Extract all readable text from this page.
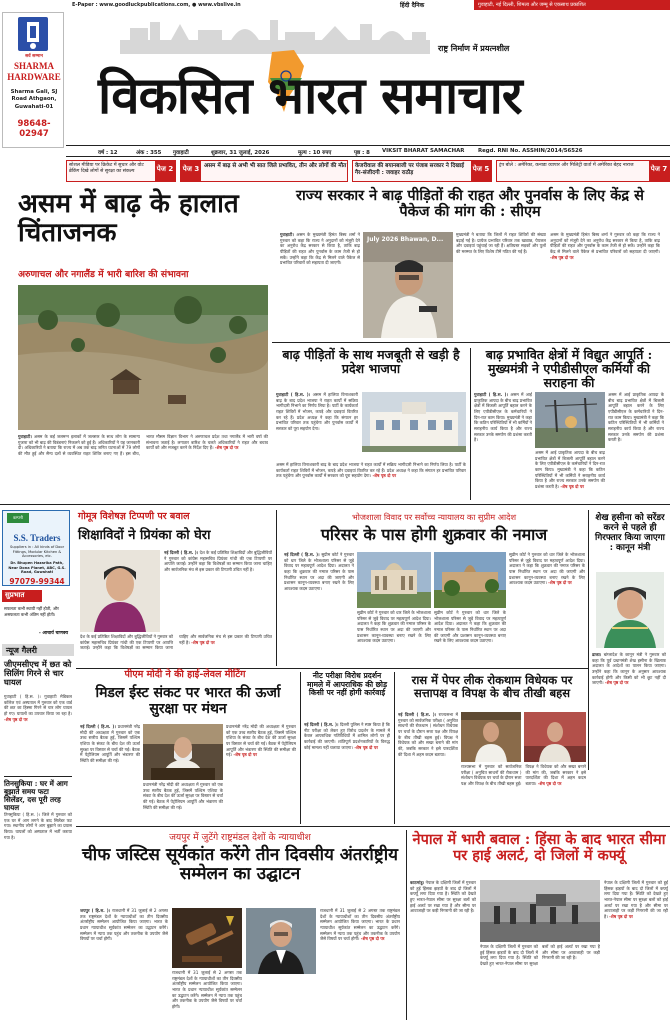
E-Paper : www.goodluckpublications.com, ● www.vbslive.in	हिंदी दैनिक	गुवाहाटी, नई दिल्ली, शिमला और जम्मू से एकसाथ प्रकाशित
सर्व सम्मान
SHARMA
HARDWARE
Sharma Gali, SJ Road Athgaon, Guwahati-01
98648-02947
राष्ट्र निर्माण में प्रयत्नशील
विकसित भारत समाचार
वर्ष : 12	अंक : 355 गुवाहाटी	शुक्रवार, 31 जुलाई, 2026	मूल्य : 10 रुपए	पृष्ठ : 8 VIKSIT BHARAT SAMACHAR	Regd. RNI No. ASSHIN/2014/56526
सोशल मीडिया पर क्रिकेट में सुधार और वोट ब्रेकिंग दिखे लोगों से सुरक्षा का संकल्प	पेज 2 पेज 3 असम में बाढ़ से अभी भी सात जिले प्रभावित, तीन और लोगों की मौत केजरीवाल की बयानबाजी पर पंजाब सरकार ने दिखाई गैर-संजीदगी : जवाहर राठौड़
पेज 5	ट्रंप बोले : अमेरिका, कनाडा व्यापार और मिलिट्री वार्ता में अमेरिका बेहद नाराज	पेज 7
असम में बाढ़ के हालात चिंताजनक
अरुणाचल और नगालैंड में भारी बारिश की संभावना
गुवाहाटी। असम के कई जलमग्न इलाकों में जलस्तर के साथ लोग के सामान्य गुजारा को भी बाढ़ की विडंबनाएं निकलने को हुई हैं। अधिकारियों ने यह जानकारी दी। अधिकारियों ने बताया कि राज्य में अब तक बाढ़ जनित घटनाओं में 79 लोगों की मौत हुई और सैन्य दलों से व्यवस्थित राहत शिविर बनाए गए हैं। इस बीच, भारत मौसम विज्ञान विभाग ने अरुणाचल प्रदेश तथा नगालैंड में भारी वर्षा की संभावना जताई है। लगातार बारिश के चलते अधिकारियों ने राहत और बचाव कार्यों को और मजबूत करने के निर्देश दिए हैं। -शेष पृष्ठ दो पर
राज्य सरकार ने बाढ़ पीड़ितों की राहत और पुनर्वास के लिए केंद्र से पैकेज की मांग की : सीएम
गुवाहाटी। असम के मुख्यमंत्री हिमंत बिस्व शर्मा ने गुरुवार को कहा कि राज्य ने अनुदानों को मंजूरी देने का अनुरोध केंद्र सरकार से किया है, ताकि बाढ़ पीड़ितों की राहत और पुनर्वास के काम तेजी से हो सकें। उन्होंने कहा कि केंद्र से मिलने वाले पैकेज से प्रभावित परिवारों को सहायता दी जाएगी।
July 2026 Bhawan, D...
मुख्यमंत्री ने बताया कि जिलों में राहत शिविरों की संख्या बढ़ाई गई है। प्रत्येक प्रभावित परिवार तक खाद्यान्न, पेयजल और दवाइयां पहुंचाई जा रही हैं। क्षतिग्रस्त सड़कों और पुलों की मरम्मत के लिए विशेष टीमें गठित की गई हैं।
असम के मुख्यमंत्री हिमंत बिस्व शर्मा ने गुरुवार को कहा कि राज्य ने अनुदानों को मंजूरी देने का अनुरोध केंद्र सरकार से किया है, ताकि बाढ़ पीड़ितों की राहत और पुनर्वास के काम तेजी से हो सकें। उन्होंने कहा कि केंद्र से मिलने वाले पैकेज से प्रभावित परिवारों को सहायता दी जाएगी। -शेष पृष्ठ दो पर
बाढ़ पीड़ितों के साथ मजबूती से खड़ी है प्रदेश भाजपा
गुवाहाटी ( हि.स. )। असम में हालिया विनाशकारी बाढ़ के बाद प्रदेश भाजपा ने राहत कार्यों में सक्रिय भागीदारी निभाने का निर्णय लिया है। पार्टी के कार्यकर्ता राहत शिविरों में भोजन, कपड़े और दवाइयां वितरित कर रहे हैं। प्रदेश अध्यक्ष ने कहा कि संगठन हर प्रभावित परिवार तक पहुंचेगा और पुनर्वास कार्यों में सरकार को पूरा सहयोग देगा।
असम में हालिया विनाशकारी बाढ़ के बाद प्रदेश भाजपा ने राहत कार्यों में सक्रिय भागीदारी निभाने का निर्णय लिया है। पार्टी के कार्यकर्ता राहत शिविरों में भोजन, कपड़े और दवाइयां वितरित कर रहे हैं। प्रदेश अध्यक्ष ने कहा कि संगठन हर प्रभावित परिवार तक पहुंचेगा और पुनर्वास कार्यों में सरकार को पूरा सहयोग देगा। -शेष पृष्ठ दो पर
बाढ़ प्रभावित क्षेत्रों में विद्युत आपूर्ति : मुख्यमंत्री ने एपीडीसीएल कर्मियों की सराहना की
गुवाहाटी ( हि.स. )। असम में आई प्राकृतिक आपदा के बीच बाढ़ प्रभावित क्षेत्रों में बिजली आपूर्ति बहाल करने के लिए एपीडीसीएल के कर्मचारियों ने दिन-रात काम किया। मुख्यमंत्री ने कहा कि कठिन परिस्थितियों में भी कर्मियों ने सराहनीय कार्य किया है और राज्य सरकार उनके समर्पण की प्रशंसा करती है।
असम में आई प्राकृतिक आपदा के बीच बाढ़ प्रभावित क्षेत्रों में बिजली आपूर्ति बहाल करने के लिए एपीडीसीएल के कर्मचारियों ने दिन-रात काम किया। मुख्यमंत्री ने कहा कि कठिन परिस्थितियों में भी कर्मियों ने सराहनीय कार्य किया है और राज्य सरकार उनके समर्पण की प्रशंसा करती है।
असम में आई प्राकृतिक आपदा के बीच बाढ़ प्रभावित क्षेत्रों में बिजली आपूर्ति बहाल करने के लिए एपीडीसीएल के कर्मचारियों ने दिन-रात काम किया। मुख्यमंत्री ने कहा कि कठिन परिस्थितियों में भी कर्मियों ने सराहनीय कार्य किया है और राज्य सरकार उनके समर्पण की प्रशंसा करती है। -शेष पृष्ठ दो पर
कम्पनी
S.S. Traders
Suppliers in : All kinds of Door Fittings, Modular Kitchen & Accessories, etc.
Dr. Bhupen Hazarika Path, Near Dona Planet, ABC, G.S. Road, Guwahati
97079-99344
सुप्रभात
सफलता कभी स्थायी नहीं होती, और असफलता कभी अंतिम नहीं होती।
- आचार्य चाणक्य
गोमूत्र विशेषज्ञ टिप्पणी पर बवाल
शिक्षाविदों ने प्रियंका को घेरा
नई दिल्ली ( हि.स. )। देश के कई प्रतिष्ठित शिक्षाविदों और बुद्धिजीवियों ने गुरुवार को कांग्रेस महासचिव प्रियंका गांधी की एक टिप्पणी पर आपत्ति जताई। उन्होंने कहा कि विशेषज्ञों का सम्मान किया जाना चाहिए और सार्वजनिक मंच से इस प्रकार की टिप्पणी उचित नहीं है।
देश के कई प्रतिष्ठित शिक्षाविदों और बुद्धिजीवियों ने गुरुवार को कांग्रेस महासचिव प्रियंका गांधी की एक टिप्पणी पर आपत्ति जताई। उन्होंने कहा कि विशेषज्ञों का सम्मान किया जाना चाहिए और सार्वजनिक मंच से इस प्रकार की टिप्पणी उचित नहीं है। -शेष पृष्ठ दो पर
भोजशाला विवाद पर सर्वोच्च न्यायालय का सुप्रीम आदेश
परिसर के पास होगी शुक्रवार की नमाज
नई दिल्ली ( हि.स. )। सुप्रीम कोर्ट ने गुरुवार को धार जिले के भोजशाला परिसर से जुड़े विवाद पर महत्वपूर्ण आदेश दिया। अदालत ने कहा कि शुक्रवार की नमाज परिसर के पास निर्धारित स्थान पर अदा की जाएगी और प्रशासन कानून-व्यवस्था बनाए रखने के लिए आवश्यक कदम उठाएगा।
सुप्रीम कोर्ट ने गुरुवार को धार जिले के भोजशाला परिसर से जुड़े विवाद पर महत्वपूर्ण आदेश दिया। अदालत ने कहा कि शुक्रवार की नमाज परिसर के पास निर्धारित स्थान पर अदा की जाएगी और प्रशासन कानून-व्यवस्था बनाए रखने के लिए आवश्यक कदम उठाएगा।
सुप्रीम कोर्ट ने गुरुवार को धार जिले के भोजशाला परिसर से जुड़े विवाद पर महत्वपूर्ण आदेश दिया। अदालत ने कहा कि शुक्रवार की नमाज परिसर के पास निर्धारित स्थान पर अदा की जाएगी और प्रशासन कानून-व्यवस्था बनाए रखने के लिए आवश्यक कदम उठाएगा।
सुप्रीम कोर्ट ने गुरुवार को धार जिले के भोजशाला परिसर से जुड़े विवाद पर महत्वपूर्ण आदेश दिया। अदालत ने कहा कि शुक्रवार की नमाज परिसर के पास निर्धारित स्थान पर अदा की जाएगी और प्रशासन कानून-व्यवस्था बनाए रखने के लिए आवश्यक कदम उठाएगा। -शेष पृष्ठ दो पर
शेख हसीना को सरेंडर करने से पहले ही गिरफ्तार किया जाएगा : कानून मंत्री
ढाका। बांग्लादेश के कानून मंत्री ने गुरुवार को कहा कि पूर्व प्रधानमंत्री शेख हसीना के खिलाफ अदालत के आदेशों का पालन किया जाएगा। उन्होंने कहा कि कानून के अनुसार आवश्यक कार्रवाई होगी और किसी को भी छूट नहीं दी जाएगी। -शेष पृष्ठ दो पर
न्यूज गैलरी
जीएमसीएच में छत को सिलिंग गिरने से चार घायल
गुवाहाटी ( हि.स. )। गुवाहाटी मेडिकल कॉलेज एवं अस्पताल में गुरुवार को एक वार्ड की छत का हिस्सा गिरने से चार लोग घायल हो गए। घायलों का उपचार किया जा रहा है। -शेष पृष्ठ दो पर
तिनसुकिया : घर में आग बुझाते समय फटा सिलेंडर, दस पूरी तरह घायल
तिनसुकिया ( हि.स. )। जिले में गुरुवार को एक घर में आग लगने के बाद सिलेंडर फट गया। स्थानीय लोगों ने आग बुझाने का प्रयास किया। घायलों को अस्पताल में भर्ती कराया गया है।
पीएम मोदी ने की हाई-लेवल मीटिंग
मिडल ईस्ट संकट पर भारत की ऊर्जा सुरक्षा पर मंथन
नई दिल्ली ( हि.स. )। प्रधानमंत्री नरेंद्र मोदी की अध्यक्षता में गुरुवार को एक उच्च स्तरीय बैठक हुई, जिसमें पश्चिम एशिया के संकट के बीच देश की ऊर्जा सुरक्षा पर विस्तार से चर्चा की गई। बैठक में पेट्रोलियम आपूर्ति और भंडारण की स्थिति की समीक्षा की गई।
प्रधानमंत्री नरेंद्र मोदी की अध्यक्षता में गुरुवार को एक उच्च स्तरीय बैठक हुई, जिसमें पश्चिम एशिया के संकट के बीच देश की ऊर्जा सुरक्षा पर विस्तार से चर्चा की गई। बैठक में पेट्रोलियम आपूर्ति और भंडारण की स्थिति की समीक्षा की गई।
प्रधानमंत्री नरेंद्र मोदी की अध्यक्षता में गुरुवार को एक उच्च स्तरीय बैठक हुई, जिसमें पश्चिम एशिया के संकट के बीच देश की ऊर्जा सुरक्षा पर विस्तार से चर्चा की गई। बैठक में पेट्रोलियम आपूर्ति और भंडारण की स्थिति की समीक्षा की गई। -शेष पृष्ठ दो पर
नीट परीक्षा विरोध प्रदर्शन मामले में आपराधिक की छोड़ किसी पर नहीं होगी कार्रवाई
नई दिल्ली ( हि.स. )। दिल्ली पुलिस ने स्पष्ट किया है कि नीट परीक्षा को लेकर हुए विरोध प्रदर्शन के मामले में केवल आपराधिक गतिविधियों में शामिल लोगों पर ही कार्रवाई की जाएगी। शांतिपूर्ण प्रदर्शनकारियों के विरुद्ध कोई मामला नहीं चलाया जाएगा। -शेष पृष्ठ दो पर
रास में पेपर लीक रोकथाम विधेयक पर सत्तापक्ष व विपक्ष के बीच तीखी बहस
नई दिल्ली ( हि.स. )। राज्यसभा में गुरुवार को सार्वजनिक परीक्षा ( अनुचित साधनों की रोकथाम ) संशोधन विधेयक पर चर्चा के दौरान सत्ता पक्ष और विपक्ष के बीच तीखी बहस हुई। विपक्ष ने विधेयक को और सख्त बनाने की मांग की, जबकि सरकार ने इसे पारदर्शिता की दिशा में अहम कदम बताया।
राज्यसभा में गुरुवार को सार्वजनिक परीक्षा ( अनुचित साधनों की रोकथाम ) संशोधन विधेयक पर चर्चा के दौरान सत्ता पक्ष और विपक्ष के बीच तीखी बहस हुई। विपक्ष ने विधेयक को और सख्त बनाने की मांग की, जबकि सरकार ने इसे पारदर्शिता की दिशा में अहम कदम बताया। -शेष पृष्ठ दो पर
जयपुर में जुटेंगे राष्ट्रमंडल देशों के न्यायाधीश
चीफ जस्टिस सूर्यकांत करेंगे तीन दिवसीय अंतर्राष्ट्रीय सम्मेलन का उद्घाटन
जयपुर ( हि.स. )। राजधानी में 31 जुलाई से 2 अगस्त तक राष्ट्रमंडल देशों के न्यायाधीशों का तीन दिवसीय अंतर्राष्ट्रीय सम्मेलन आयोजित किया जाएगा। भारत के प्रधान न्यायाधीश सूर्यकांत सम्मेलन का उद्घाटन करेंगे। सम्मेलन में न्याय तक पहुंच और तकनीक के उपयोग जैसे विषयों पर चर्चा होगी।
राजधानी में 31 जुलाई से 2 अगस्त तक राष्ट्रमंडल देशों के न्यायाधीशों का तीन दिवसीय अंतर्राष्ट्रीय सम्मेलन आयोजित किया जाएगा। भारत के प्रधान न्यायाधीश सूर्यकांत सम्मेलन का उद्घाटन करेंगे। सम्मेलन में न्याय तक पहुंच और तकनीक के उपयोग जैसे विषयों पर चर्चा होगी।
राजधानी में 31 जुलाई से 2 अगस्त तक राष्ट्रमंडल देशों के न्यायाधीशों का तीन दिवसीय अंतर्राष्ट्रीय सम्मेलन आयोजित किया जाएगा। भारत के प्रधान न्यायाधीश सूर्यकांत सम्मेलन का उद्घाटन करेंगे। सम्मेलन में न्याय तक पहुंच और तकनीक के उपयोग जैसे विषयों पर चर्चा होगी। -शेष पृष्ठ दो पर
नेपाल में भारी बवाल : हिंसा के बाद भारत सीमा पर हाई अलर्ट, दो जिलों में कर्फ्यू
काठमांडू। नेपाल के दक्षिणी जिलों में गुरुवार को हुई हिंसक झड़पों के बाद दो जिलों में कर्फ्यू लगा दिया गया है। स्थिति को देखते हुए भारत-नेपाल सीमा पर सुरक्षा बलों को हाई अलर्ट पर रखा गया है और सीमा पर आवाजाही पर कड़ी निगरानी की जा रही है।
नेपाल के दक्षिणी जिलों में गुरुवार को हुई हिंसक झड़पों के बाद दो जिलों में कर्फ्यू लगा दिया गया है। स्थिति को देखते हुए भारत-नेपाल सीमा पर सुरक्षा बलों को हाई अलर्ट पर रखा गया है और सीमा पर आवाजाही पर कड़ी निगरानी की जा रही है।
नेपाल के दक्षिणी जिलों में गुरुवार को हुई हिंसक झड़पों के बाद दो जिलों में कर्फ्यू लगा दिया गया है। स्थिति को देखते हुए भारत-नेपाल सीमा पर सुरक्षा बलों को हाई अलर्ट पर रखा गया है और सीमा पर आवाजाही पर कड़ी निगरानी की जा रही है। -शेष पृष्ठ दो पर
